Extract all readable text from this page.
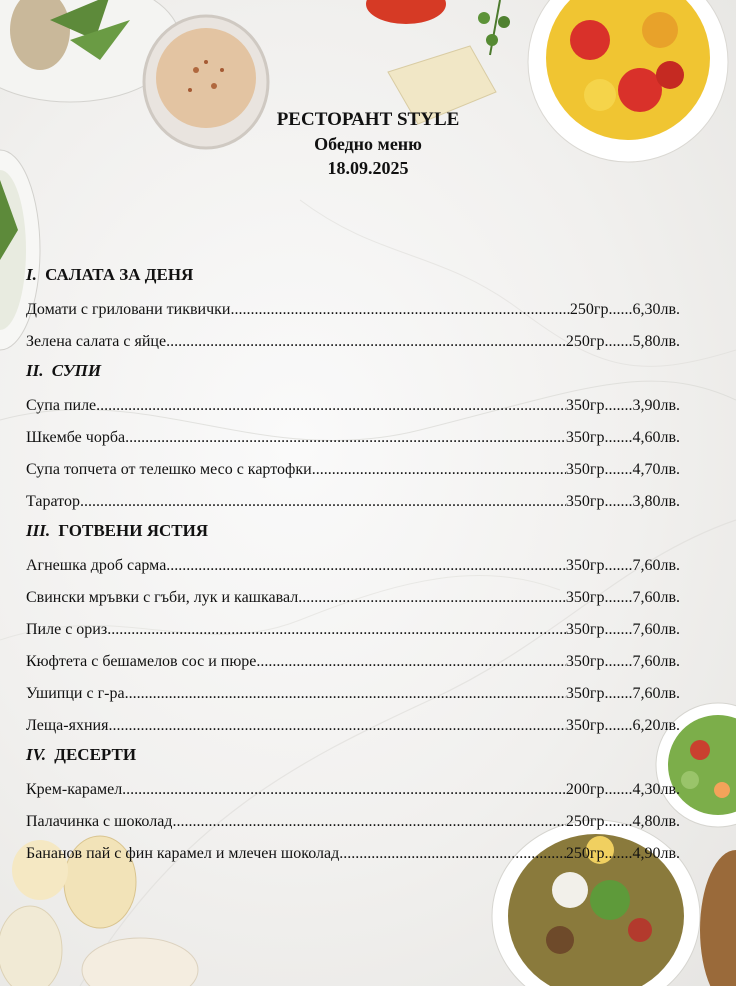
РЕСТОРАНТ STYLE
Обедно меню
18.09.2025
I. САЛАТА ЗА ДЕНЯ
Домати с гриловани тиквички .....	250гр ...... 6,30лв.
Зелена салата с яйце .....	250гр ....... 5,80лв.
II. СУПИ
Супа пиле .....	350гр ....... 3,90лв.
Шкембе чорба .....	350гр ....... 4,60лв.
Супа топчета от телешко месо с картофки .....	350гр ....... 4,70лв.
Таратор .....	350гр ....... 3,80лв.
III. ГОТВЕНИ ЯСТИЯ
Агнешка дроб сарма .....	350гр ....... 7,60лв.
Свински мръвки с гъби, лук и кашкавал .....	350гр ....... 7,60лв.
Пиле с ориз .....	350гр ....... 7,60лв.
Кюфтета с бешамелов сос и пюре .....	350гр ....... 7,60лв.
Ушипци с г-ра .....	350гр ....... 7,60лв.
Леща-яхния .....	350гр ....... 6,20лв.
IV. ДЕСЕРТИ
Крем-карамел .....	200гр ....... 4,30лв.
Палачинка с шоколад .....	250гр ....... 4,80лв.
Бананов пай с фин карамел и млечен шоколад .....	250гр ....... 4,90лв.
